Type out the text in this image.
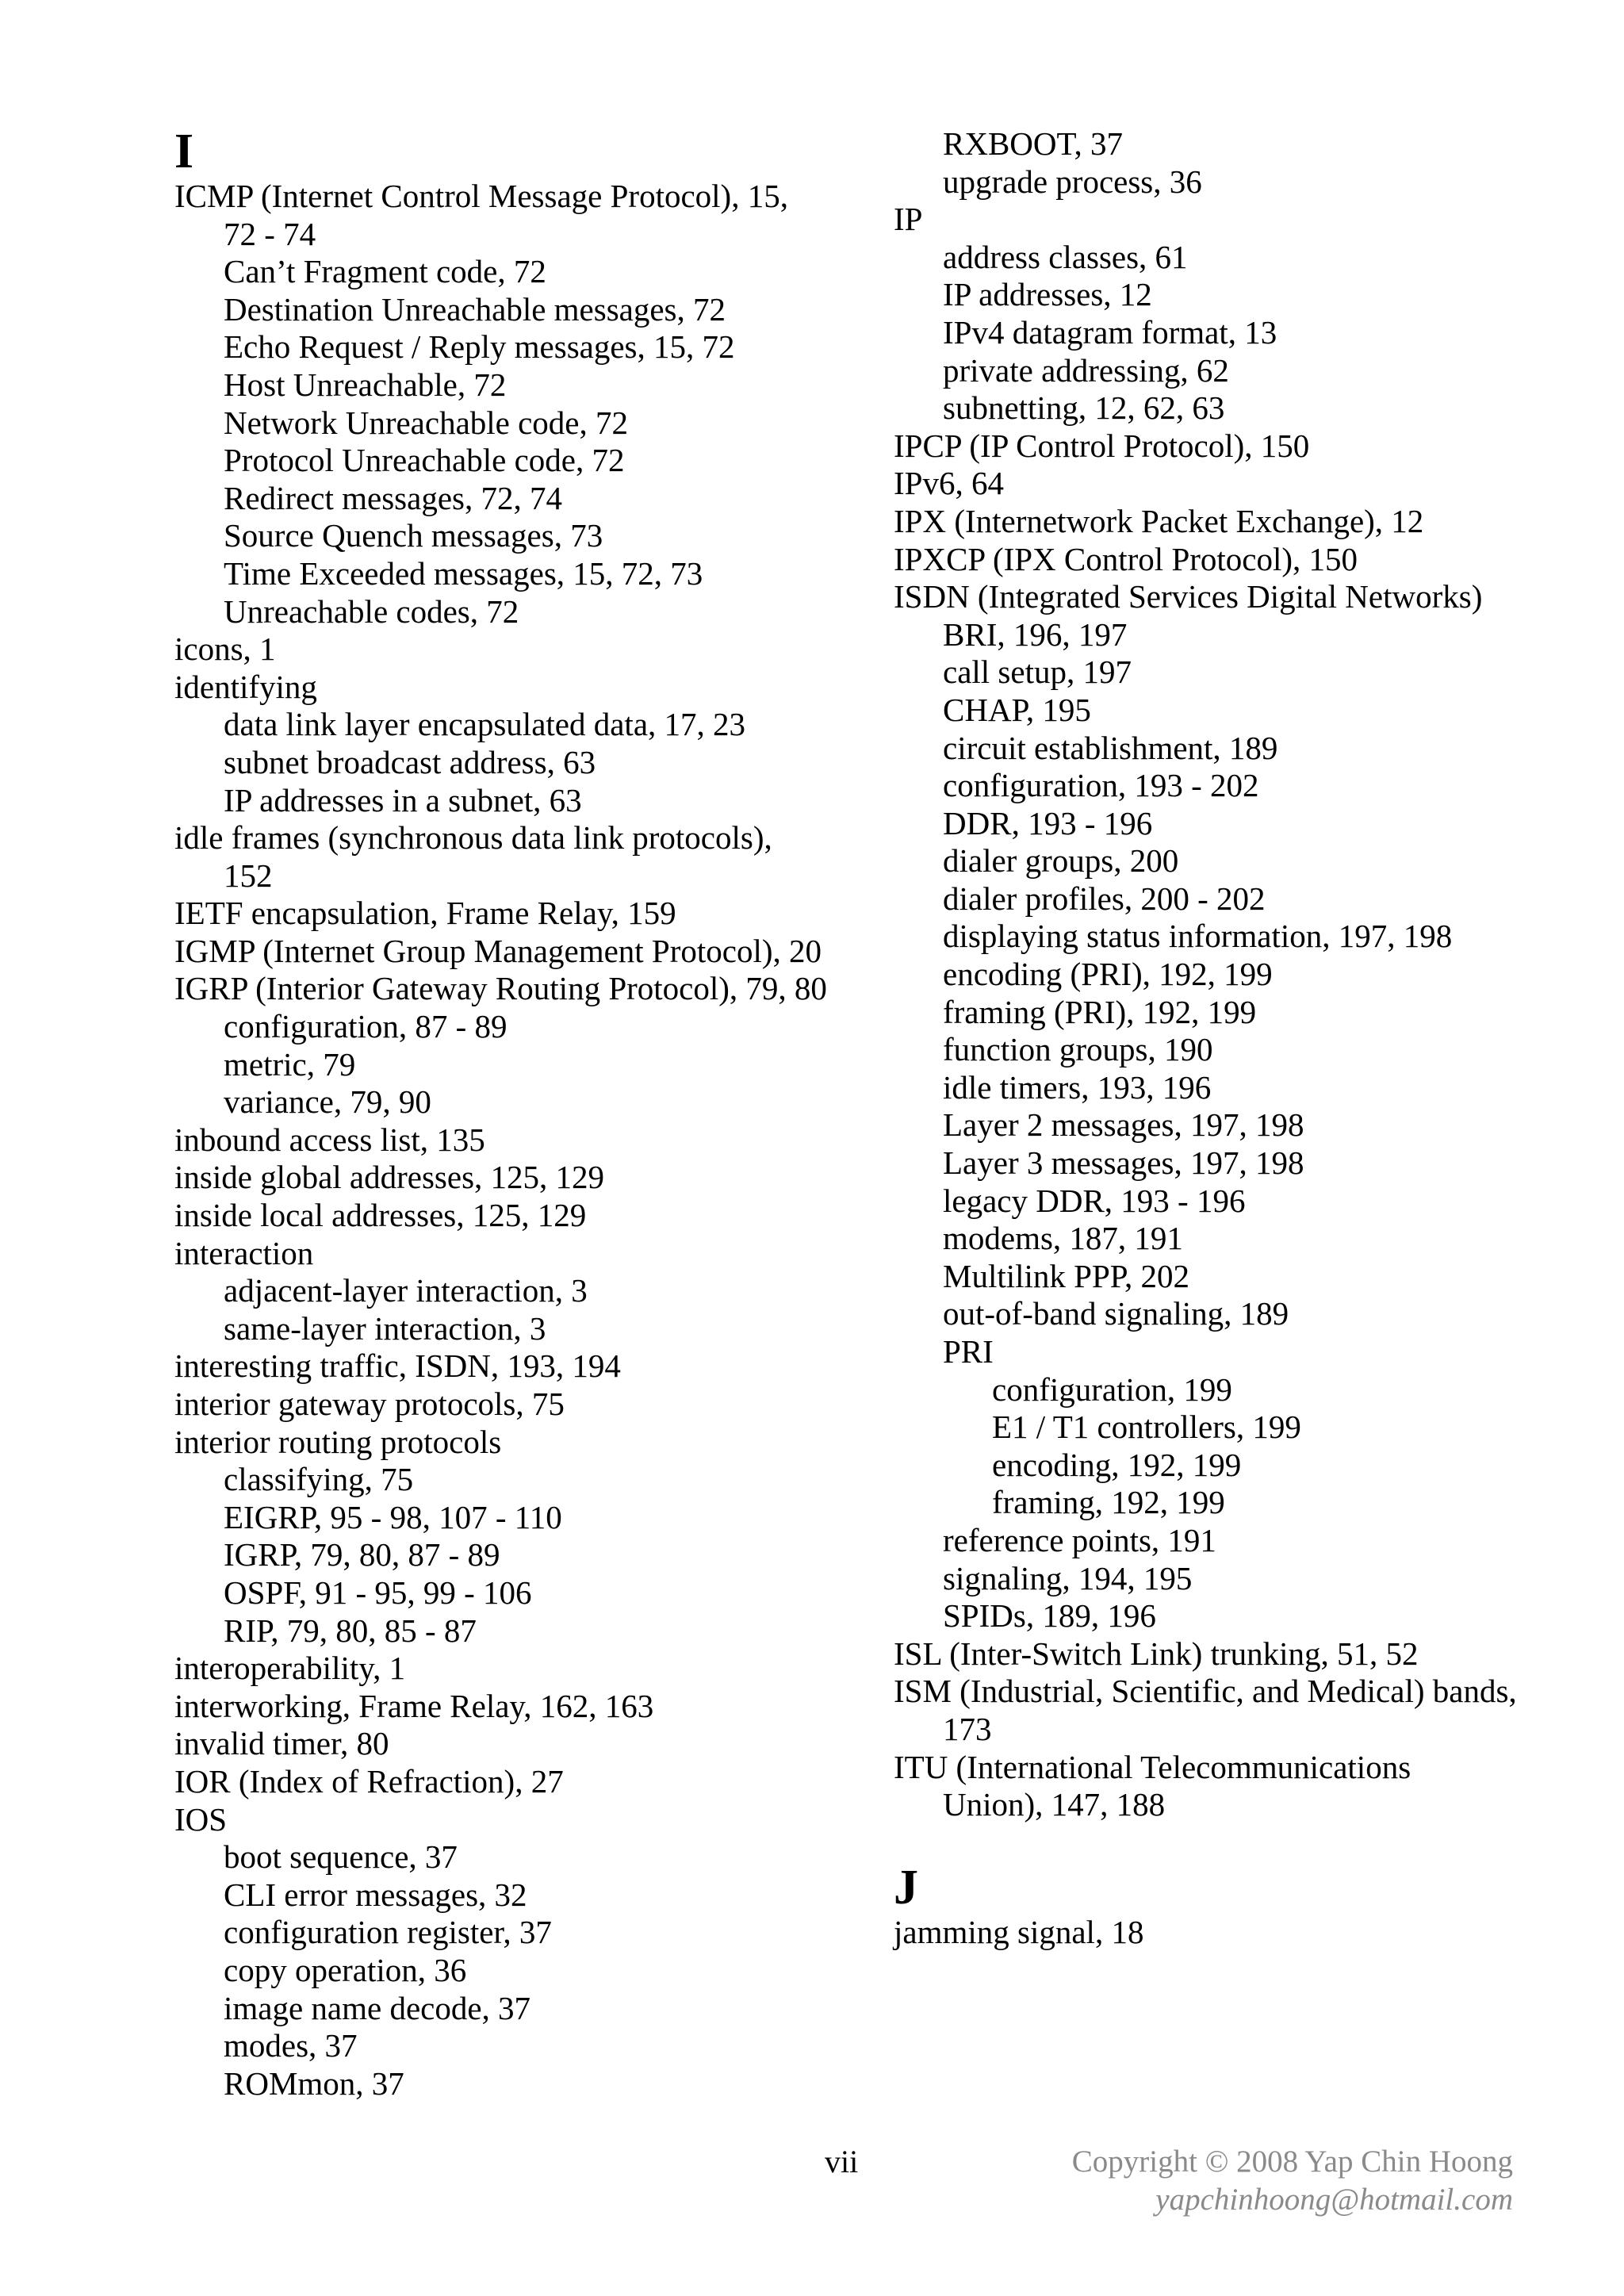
I
ICMP (Internet Control Message Protocol), 15,
72 - 74
Can’t Fragment code, 72
Destination Unreachable messages, 72
Echo Request / Reply messages, 15, 72
Host Unreachable, 72
Network Unreachable code, 72
Protocol Unreachable code, 72
Redirect messages, 72, 74
Source Quench messages, 73
Time Exceeded messages, 15, 72, 73
Unreachable codes, 72
icons, 1
identifying
data link layer encapsulated data, 17, 23
subnet broadcast address, 63
IP addresses in a subnet, 63
idle frames (synchronous data link protocols),
152
IETF encapsulation, Frame Relay, 159
IGMP (Internet Group Management Protocol), 20
IGRP (Interior Gateway Routing Protocol), 79, 80
configuration, 87 - 89
metric, 79
variance, 79, 90
inbound access list, 135
inside global addresses, 125, 129
inside local addresses, 125, 129
interaction
adjacent-layer interaction, 3
same-layer interaction, 3
interesting traffic, ISDN, 193, 194
interior gateway protocols, 75
interior routing protocols
classifying, 75
EIGRP, 95 - 98, 107 - 110
IGRP, 79, 80, 87 - 89
OSPF, 91 - 95, 99 - 106
RIP, 79, 80, 85 - 87
interoperability, 1
interworking, Frame Relay, 162, 163
invalid timer, 80
IOR (Index of Refraction), 27
IOS
boot sequence, 37
CLI error messages, 32
configuration register, 37
copy operation, 36
image name decode, 37
modes, 37
ROMmon, 37
RXBOOT, 37
upgrade process, 36
IP
address classes, 61
IP addresses, 12
IPv4 datagram format, 13
private addressing, 62
subnetting, 12, 62, 63
IPCP (IP Control Protocol), 150
IPv6, 64
IPX (Internetwork Packet Exchange), 12
IPXCP (IPX Control Protocol), 150
ISDN (Integrated Services Digital Networks)
BRI, 196, 197
call setup, 197
CHAP, 195
circuit establishment, 189
configuration, 193 - 202
DDR, 193 - 196
dialer groups, 200
dialer profiles, 200 - 202
displaying status information, 197, 198
encoding (PRI), 192, 199
framing (PRI), 192, 199
function groups, 190
idle timers, 193, 196
Layer 2 messages, 197, 198
Layer 3 messages, 197, 198
legacy DDR, 193 - 196
modems, 187, 191
Multilink PPP, 202
out-of-band signaling, 189
PRI
configuration, 199
E1 / T1 controllers, 199
encoding, 192, 199
framing, 192, 199
reference points, 191
signaling, 194, 195
SPIDs, 189, 196
ISL (Inter-Switch Link) trunking, 51, 52
ISM (Industrial, Scientific, and Medical) bands,
173
ITU (International Telecommunications
Union), 147, 188
J
jamming signal, 18
vii	Copyright © 2008 Yap Chin Hoong
yapchinhoong@hotmail.com
